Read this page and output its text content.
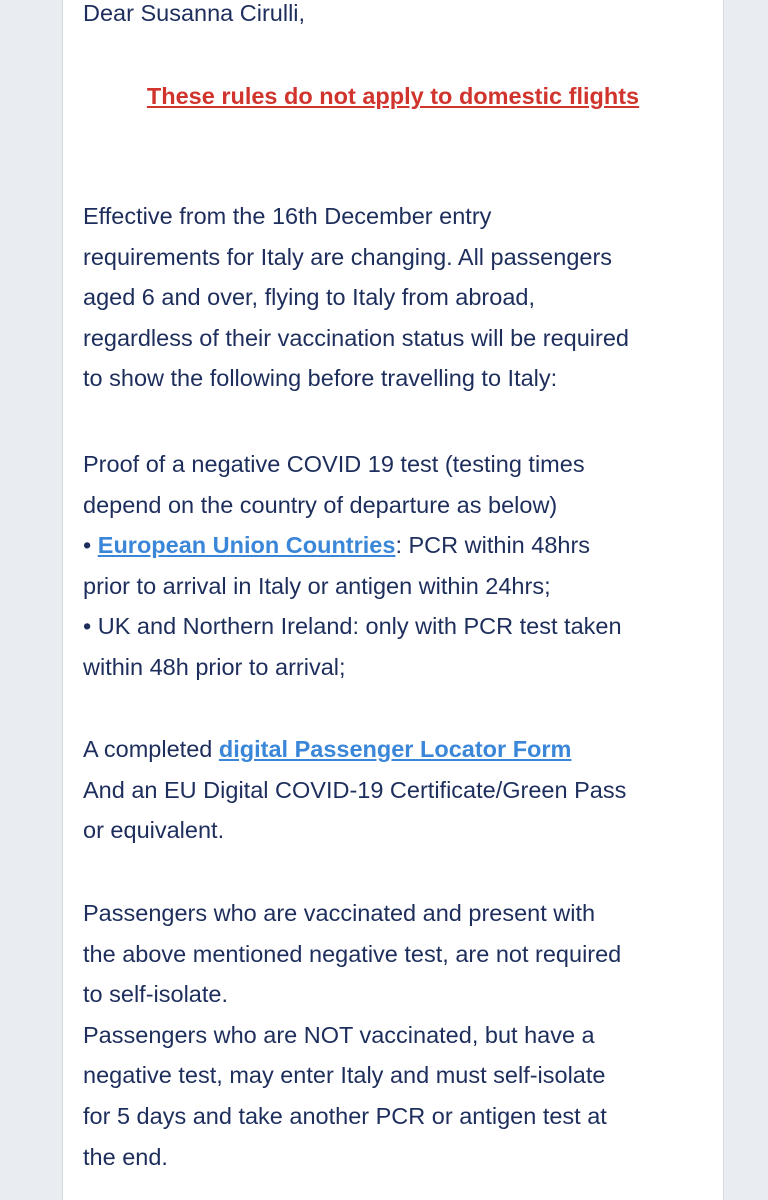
Dear Susanna Cirulli,
These rules do not apply to domestic flights
Effective from the 16th December entry
requirements for Italy are changing. All passengers
aged 6 and over, flying to Italy from abroad,
regardless of their vaccination status will be required
to show the following before travelling to Italy:
Proof of a negative COVID 19 test (testing times
depend on the country of departure as below)
• European Union Countries: PCR within 48hrs
prior to arrival in Italy or antigen within 24hrs;
• UK and Northern Ireland: only with PCR test taken
within 48h prior to arrival;
A completed digital Passenger Locator Form
And an EU Digital COVID-19 Certificate/Green Pass
or equivalent.
Passengers who are vaccinated and present with
the above mentioned negative test, are not required
to self-isolate.
Passengers who are NOT vaccinated, but have a
negative test, may enter Italy and must self-isolate
for 5 days and take another PCR or antigen test at
the end.
